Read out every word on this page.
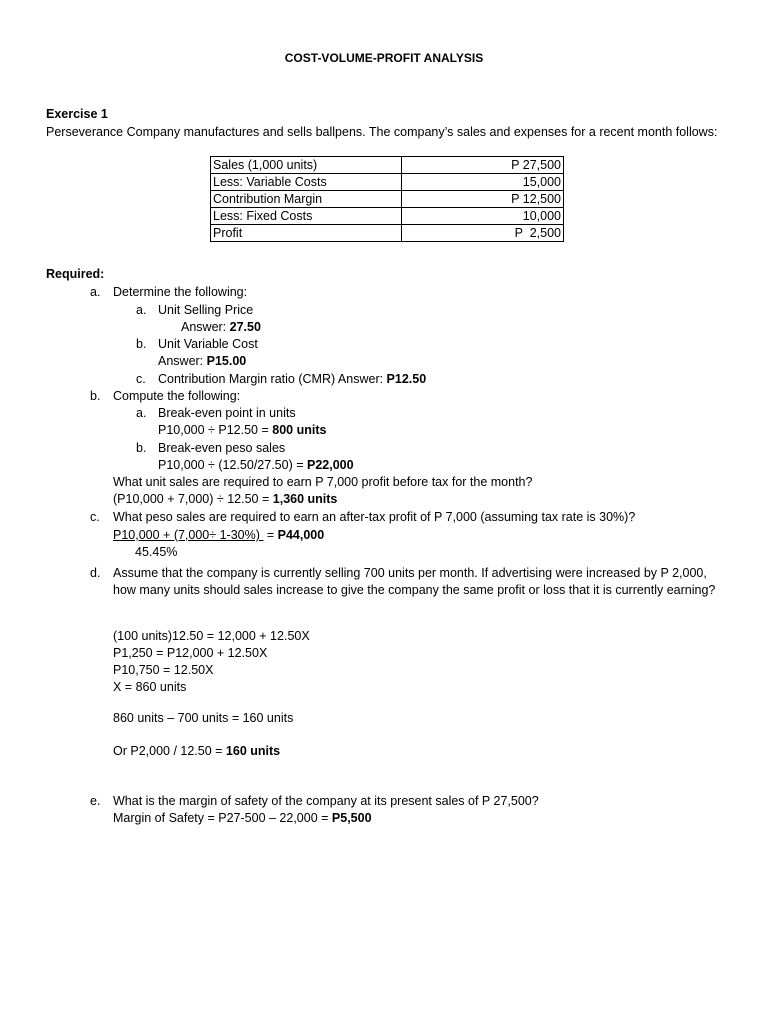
COST-VOLUME-PROFIT ANALYSIS
Exercise 1
Perseverance Company manufactures and sells ballpens. The company’s sales and expenses for a recent month follows:
Sales (1,000 units)	P 27,500
Less: Variable Costs	15,000
Contribution Margin	P 12,500
Less: Fixed Costs	10,000
Profit	P  2,500
Required:
a. Determine the following:
a. Unit Selling Price
Answer: 27.50
b. Unit Variable Cost
Answer: P15.00
c. Contribution Margin ratio (CMR) Answer: P12.50
b. Compute the following:
a. Break-even point in units
P10,000 ÷ P12.50 = 800 units
b. Break-even peso sales
P10,000 ÷ (12.50/27.50) = P22,000
What unit sales are required to earn P 7,000 profit before tax for the month?
(P10,000 + 7,000) ÷ 12.50 = 1,360 units
c. What peso sales are required to earn an after-tax profit of P 7,000 (assuming tax rate is 30%)?
P10,000 + (7,000÷ 1-30%)  = P44,000
45.45%
d. Assume that the company is currently selling 700 units per month. If advertising were increased by P 2,000, how many units should sales increase to give the company the same profit or loss that it is currently earning?
(100 units)12.50 = 12,000 + 12.50X
P1,250 = P12,000 + 12.50X
P10,750 = 12.50X
X = 860 units
860 units – 700 units = 160 units
Or P2,000 / 12.50 = 160 units
e. What is the margin of safety of the company at its present sales of P 27,500?
Margin of Safety = P27-500 – 22,000 = P5,500
